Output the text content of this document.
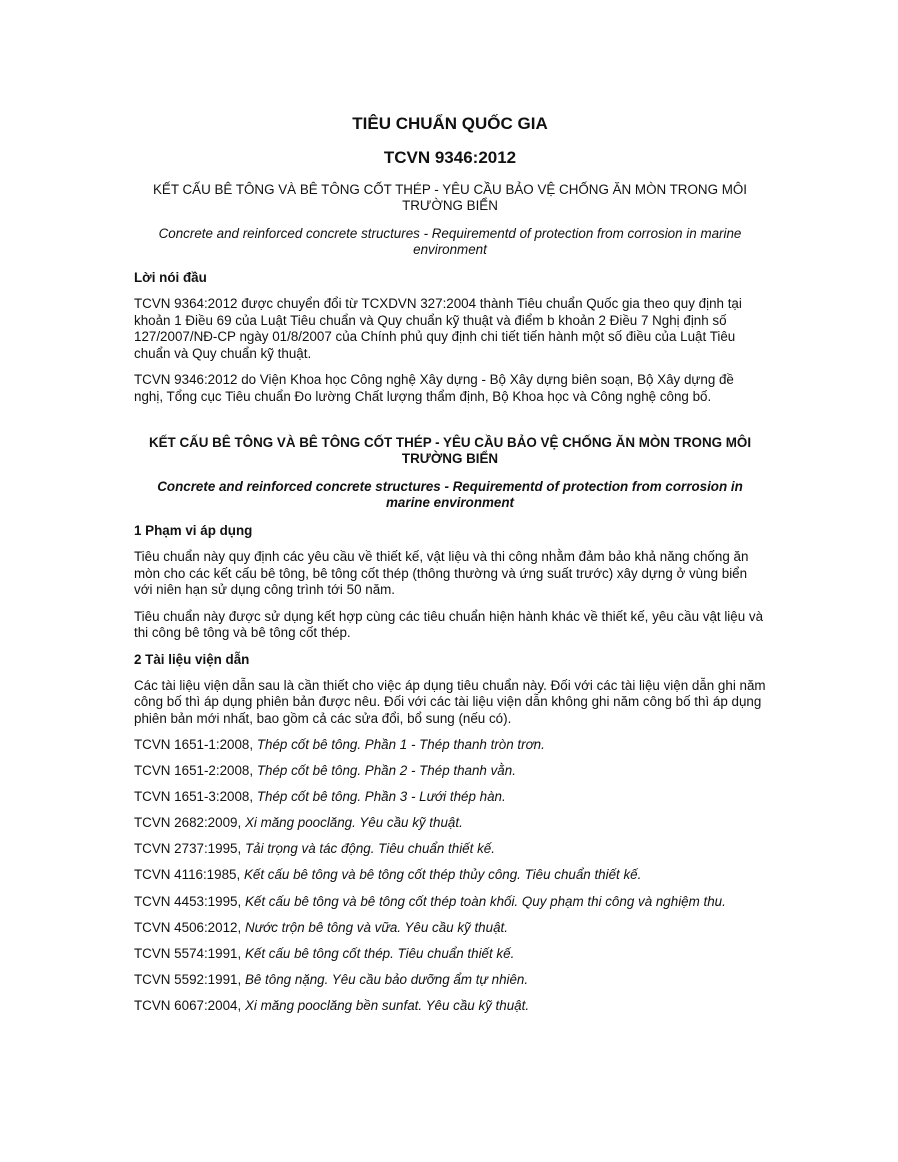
TIÊU CHUẨN QUỐC GIA
TCVN 9346:2012
KẾT CẤU BÊ TÔNG VÀ BÊ TÔNG CỐT THÉP - YÊU CẦU BẢO VỆ CHỐNG ĂN MÒN TRONG MÔI TRƯỜNG BIỂN
Concrete and reinforced concrete structures - Requirementd of protection from corrosion in marine environment
Lời nói đầu
TCVN 9364:2012 được chuyển đổi từ TCXDVN 327:2004 thành Tiêu chuẩn Quốc gia theo quy định tại khoản 1 Điều 69 của Luật Tiêu chuẩn và Quy chuẩn kỹ thuật và điểm b khoản 2 Điều 7 Nghị định số 127/2007/NĐ-CP ngày 01/8/2007 của Chính phủ quy định chi tiết tiến hành một số điều của Luật Tiêu chuẩn và Quy chuẩn kỹ thuật.
TCVN 9346:2012 do Viện Khoa học Công nghệ Xây dựng - Bộ Xây dựng biên soạn, Bộ Xây dựng đề nghị, Tổng cục Tiêu chuẩn Đo lường Chất lượng thẩm định, Bộ Khoa học và Công nghệ công bố.
KẾT CẤU BÊ TÔNG VÀ BÊ TÔNG CỐT THÉP - YÊU CẦU BẢO VỆ CHỐNG ĂN MÒN TRONG MÔI TRƯỜNG BIỂN
Concrete and reinforced concrete structures - Requirementd of protection from corrosion in marine environment
1 Phạm vi áp dụng
Tiêu chuẩn này quy định các yêu cầu về thiết kế, vật liệu và thi công nhằm đảm bảo khả năng chống ăn mòn cho các kết cấu bê tông, bê tông cốt thép (thông thường và ứng suất trước) xây dựng ở vùng biển với niên hạn sử dụng công trình tới 50 năm.
Tiêu chuẩn này được sử dụng kết hợp cùng các tiêu chuẩn hiện hành khác về thiết kế, yêu cầu vật liệu và thi công bê tông và bê tông cốt thép.
2 Tài liệu viện dẫn
Các tài liệu viện dẫn sau là cần thiết cho việc áp dụng tiêu chuẩn này. Đối với các tài liệu viện dẫn ghi năm công bố thì áp dụng phiên bản được nêu. Đối với các tài liệu viện dẫn không ghi năm công bố thì áp dụng phiên bản mới nhất, bao gồm cả các sửa đổi, bổ sung (nếu có).
TCVN 1651-1:2008, Thép cốt bê tông. Phần 1 - Thép thanh tròn trơn.
TCVN 1651-2:2008, Thép cốt bê tông. Phần 2 - Thép thanh vằn.
TCVN 1651-3:2008, Thép cốt bê tông. Phần 3 - Lưới thép hàn.
TCVN 2682:2009, Xi măng pooclăng. Yêu cầu kỹ thuật.
TCVN 2737:1995, Tải trọng và tác động. Tiêu chuẩn thiết kế.
TCVN 4116:1985, Kết cấu bê tông và bê tông cốt thép thủy công. Tiêu chuẩn thiết kế.
TCVN 4453:1995, Kết cấu bê tông và bê tông cốt thép toàn khối. Quy phạm thi công và nghiệm thu.
TCVN 4506:2012, Nước trộn bê tông và vữa. Yêu cầu kỹ thuật.
TCVN 5574:1991, Kết cấu bê tông cốt thép. Tiêu chuẩn thiết kế.
TCVN 5592:1991, Bê tông nặng. Yêu cầu bảo dưỡng ẩm tự nhiên.
TCVN 6067:2004, Xi măng pooclăng bền sunfat. Yêu cầu kỹ thuật.
